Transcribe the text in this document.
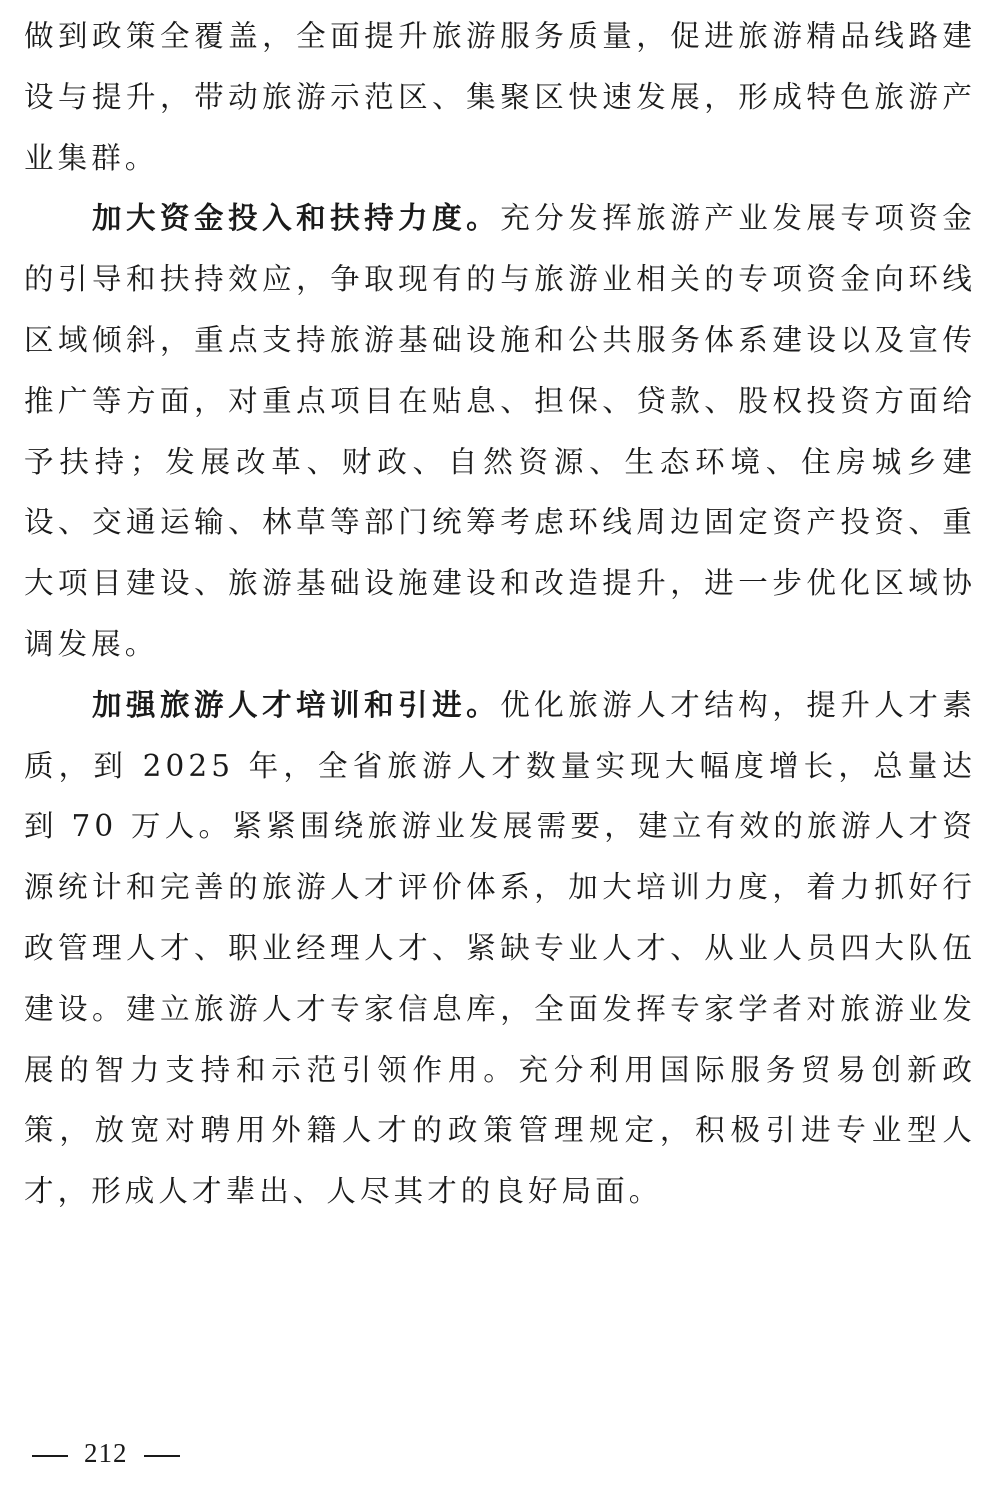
做到政策全覆盖，全面提升旅游服务质量，促进旅游精品线路建设与提升，带动旅游示范区、集聚区快速发展，形成特色旅游产业集群。

加大资金投入和扶持力度。充分发挥旅游产业发展专项资金的引导和扶持效应，争取现有的与旅游业相关的专项资金向环线区域倾斜，重点支持旅游基础设施和公共服务体系建设以及宣传推广等方面，对重点项目在贴息、担保、贷款、股权投资方面给予扶持；发展改革、财政、自然资源、生态环境、住房城乡建设、交通运输、林草等部门统筹考虑环线周边固定资产投资、重大项目建设、旅游基础设施建设和改造提升，进一步优化区域协调发展。

加强旅游人才培训和引进。优化旅游人才结构，提升人才素质，到 2025 年，全省旅游人才数量实现大幅度增长，总量达到 70 万人。紧紧围绕旅游业发展需要，建立有效的旅游人才资源统计和完善的旅游人才评价体系，加大培训力度，着力抓好行政管理人才、职业经理人才、紧缺专业人才、从业人员四大队伍建设。建立旅游人才专家信息库，全面发挥专家学者对旅游业发展的智力支持和示范引领作用。充分利用国际服务贸易创新政策，放宽对聘用外籍人才的政策管理规定，积极引进专业型人才，形成人才辈出、人尽其才的良好局面。

212
